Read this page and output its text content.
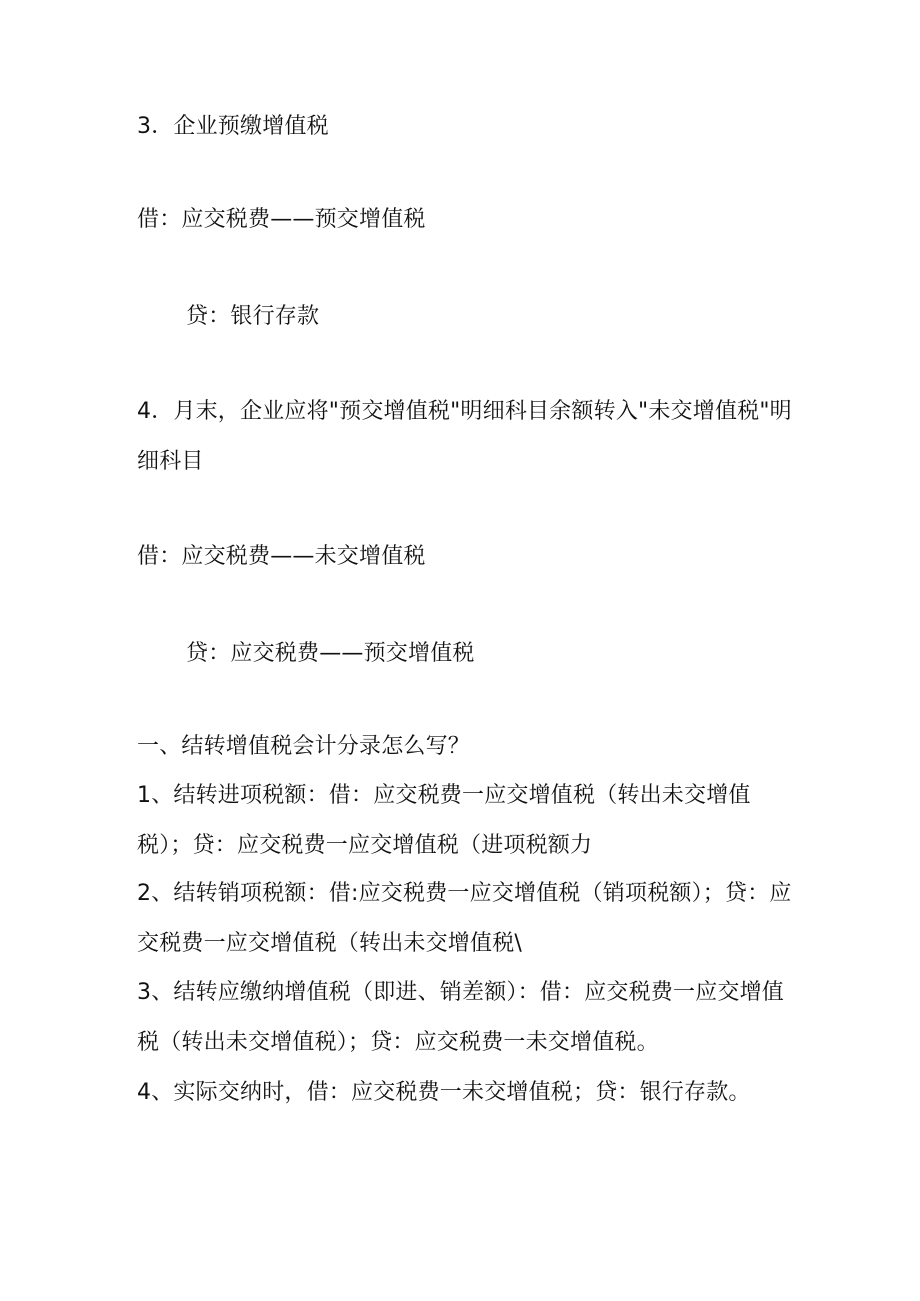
3．企业预缴增值税
借：应交税费——预交增值税
贷：银行存款
4．月末，企业应将"预交增值税"明细科目余额转入"未交增值税"明细科目
借：应交税费——未交增值税
贷：应交税费——预交增值税
一、结转增值税会计分录怎么写？
1、结转进项税额：借：应交税费一应交增值税（转出未交增值税）；贷：应交税费一应交增值税（进项税额力
2、结转销项税额：借:应交税费一应交增值税（销项税额）；贷：应交税费一应交增值税（转出未交增值税\
3、结转应缴纳增值税（即进、销差额）：借：应交税费一应交增值税（转出未交增值税）；贷：应交税费一未交增值税。
4、实际交纳时，借：应交税费一未交增值税；贷：银行存款。
